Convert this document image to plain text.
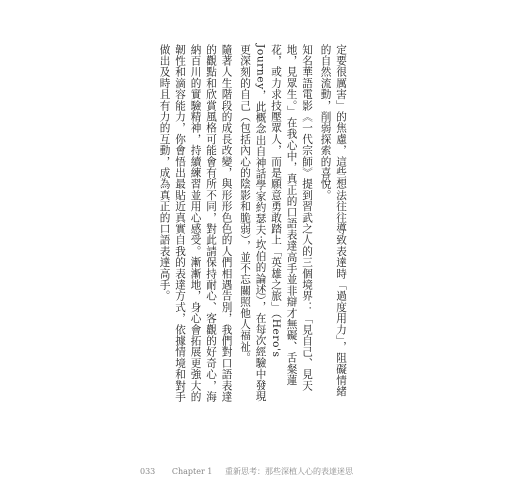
定要很厲害」的焦慮，這些想法往往導致表達時「過度用力」，阻礙情緒的自然流動，削弱探索的喜悅。

知名華語電影《一代宗師》提到習武之人的三個境界：「見自己、見天地，見眾生。」在我心中，真正的口語表達高手並非辯才無礙、舌粲蓮花，或力求技壓眾人，而是願意勇敢踏上「英雄之旅」（Hero's Journey，此概念出自神話學家約瑟夫‧坎伯的論述），在每次經驗中發現更深刻的自己（包括內心的陰影和脆弱），並不忘關照他人福祉。

隨著人生階段的成長改變，與形形色色的人們相遇告別，我們對口語表達的觀點和欣賞風格可能會有所不同，對此請保持耐心、客觀的好奇心，海納百川的實驗精神，持續練習並用心感受。漸漸地，身心會拓展更強大的韌性和滴容能力，你會悟出最貼近真實自我的表達方式，依據情境和對手做出及時且有力的互動，成為真正的口語表達高手。

033 Chapter 1 重新思考：那些深植人心的表達迷思
